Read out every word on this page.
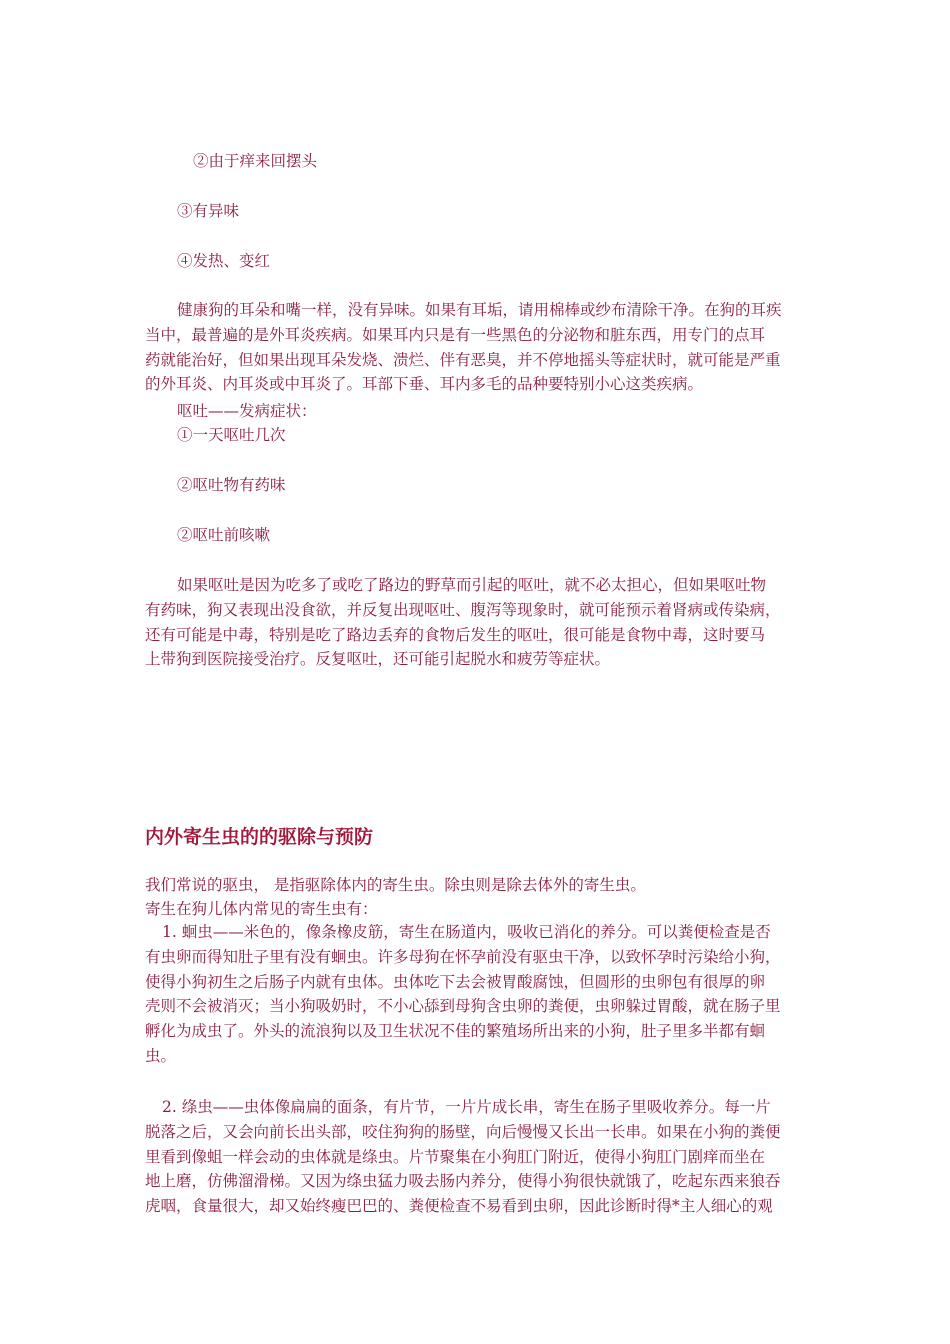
②由于痒来回摆头
③有异味
④发热、变红
健康狗的耳朵和嘴一样，没有异味。如果有耳垢，请用棉棒或纱布清除干净。在狗的耳疾
当中，最普遍的是外耳炎疾病。如果耳内只是有一些黑色的分泌物和脏东西，用专门的点耳
药就能治好，但如果出现耳朵发烧、溃烂、伴有恶臭，并不停地摇头等症状时，就可能是严重
的外耳炎、内耳炎或中耳炎了。耳部下垂、耳内多毛的品种要特别小心这类疾病。
呕吐——发病症状：
①一天呕吐几次
②呕吐物有药味
②呕吐前咳嗽
如果呕吐是因为吃多了或吃了路边的野草而引起的呕吐，就不必太担心，但如果呕吐物
有药味，狗又表现出没食欲，并反复出现呕吐、腹泻等现象时，就可能预示着肾病或传染病，
还有可能是中毒，特别是吃了路边丢弃的食物后发生的呕吐，很可能是食物中毒，这时要马
上带狗到医院接受治疗。反复呕吐，还可能引起脱水和疲劳等症状。
内外寄生虫的的驱除与预防
我们常说的驱虫， 是指驱除体内的寄生虫。除虫则是除去体外的寄生虫。
寄生在狗儿体内常见的寄生虫有：
1. 蛔虫——米色的，像条橡皮筋，寄生在肠道内，吸收已消化的养分。可以粪便检查是否
有虫卵而得知肚子里有没有蛔虫。许多母狗在怀孕前没有驱虫干净，以致怀孕时污染给小狗，
使得小狗初生之后肠子内就有虫体。虫体吃下去会被胃酸腐蚀，但圆形的虫卵包有很厚的卵
壳则不会被消灭；当小狗吸奶时，不小心舔到母狗含虫卵的粪便，虫卵躲过胃酸，就在肠子里
孵化为成虫了。外头的流浪狗以及卫生状况不佳的繁殖场所出来的小狗，肚子里多半都有蛔
虫。
2. 绦虫——虫体像扁扁的面条，有片节，一片片成长串，寄生在肠子里吸收养分。每一片
脱落之后，又会向前长出头部，咬住狗狗的肠壁，向后慢慢又长出一长串。如果在小狗的粪便
里看到像蛆一样会动的虫体就是绦虫。片节聚集在小狗肛门附近，使得小狗肛门剧痒而坐在
地上磨，仿佛溜滑梯。又因为绦虫猛力吸去肠内养分，使得小狗很快就饿了，吃起东西来狼吞
虎咽，食量很大，却又始终瘦巴巴的、粪便检查不易看到虫卵，因此诊断时得*主人细心的观
